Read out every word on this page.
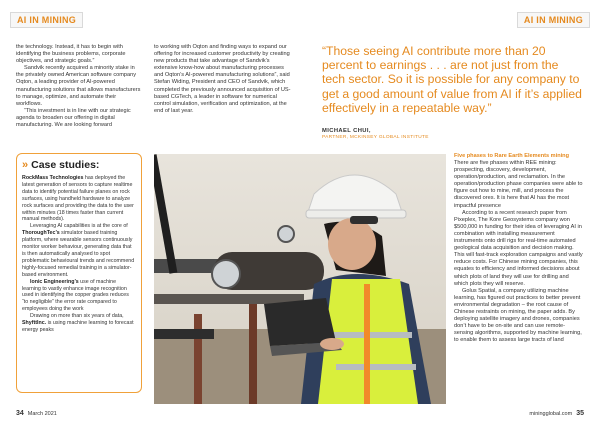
AI IN MINING	AI IN MINING

the technology. Instead, it has to begin with identifying the business problems, corporate objectives, and strategic goals.”

Sandvik recently acquired a minority stake in the privately owned American software company Oqton, a leading provider of AI-powered manufacturing solutions that allows manufacturers to manage, optimize, and automate their workflows.

“This investment is in line with our strategic agenda to broaden our offering in digital manufacturing. We are looking forward

to working with Oqton and finding ways to expand our offering for increased customer productivity by creating new products that take advantage of Sandvik’s extensive know-how about manufacturing processes and Oqton’s AI-powered manufacturing solutions”, said Stefan Widing, President and CEO of Sandvik, which completed the previously announced acquisition of US-based CGTech, a leader in software for numerical control simulation, verification and optimization, at the end of last year.

“Those seeing AI contribute more than 20 percent to earnings . . . are not just from the tech sector. So it is possible for any company to get a good amount of value from AI if it’s applied effectively in a repeatable way.”
MICHAEL CHUI,
PARTNER, MCKINSEY GLOBAL INSTITUTE
» Case studies:

RockMass Technologies has deployed the latest generation of sensors to capture realtime data to identify potential failure planes on rock surfaces, using handheld hardware to analyze rock surfaces and providing the data to the user within minutes (18 times faster than current manual methods).

Leveraging AI capabilities is at the core of ThoroughTec’s simulator based training platform, where wearable sensors continuously monitor worker behaviour, generating data that is then automatically analysed to spot problematic behavioural trends and recommend highly-focused remedial training in a simulator-based environment.

Ionic Engineering’s use of machine learning to vastly enhance image recognition used in identifying the copper grades reduces “to negligible” the error rate compared to employees doing the work

Drawing on more than six years of data, ShyfttInc. is using machine learning to forecast energy peaks

Five phases to Rare Earth Elements mining

There are five phases within REE mining: prospecting, discovery, development, operation/production, and reclamation. In the operation/production phase companies were able to figure out how to mine, mill, and process the discovered ores. It is here that AI has the most impactful presence

According to a recent research paper from Pixeplex, The Kore Geosystems company won $500,000 in funding for their idea of leveraging AI in combination with installing measurement instruments onto drill rigs for real-time automated geological data acquisition and decision making. This will fast-track exploration campaigns and vastly reduce costs. For Chinese mining companies, this equates to efficiency and informed decisions about which plots of land they will use for drilling and which plots they will reserve.

Golus Spatial, a company utilizing machine learning, has figured out practices to better prevent environmental degradation – the root cause of Chinese restraints on mining, the paper adds. By deploying satellite imagery and drones, companies don’t have to be on-site and can use remote-sensing algorithms, supported by machine learning, to enable them to assess large tracts of land

34 March 2021	miningglobal.com 35
